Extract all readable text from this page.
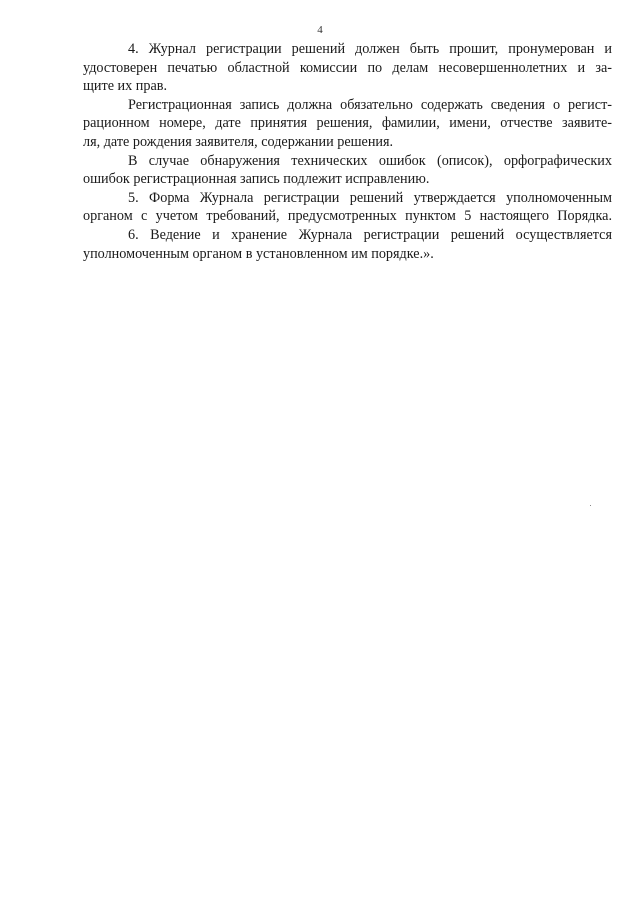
4
4. Журнал регистрации решений должен быть прошит, пронумерован и
удостоверен печатью областной комиссии по делам несовершеннолетних и за-
щите их прав.
Регистрационная запись должна обязательно содержать сведения о регист-
рационном номере, дате принятия решения, фамилии, имени, отчестве заявите-
ля, дате рождения заявителя, содержании решения.
В случае обнаружения технических ошибок (описок), орфографических
ошибок регистрационная запись подлежит исправлению.
5. Форма Журнала регистрации решений утверждается уполномоченным
органом с учетом требований, предусмотренных пунктом 5 настоящего Порядка.
6. Ведение и хранение Журнала регистрации решений осуществляется
уполномоченным органом в установленном им порядке.».
